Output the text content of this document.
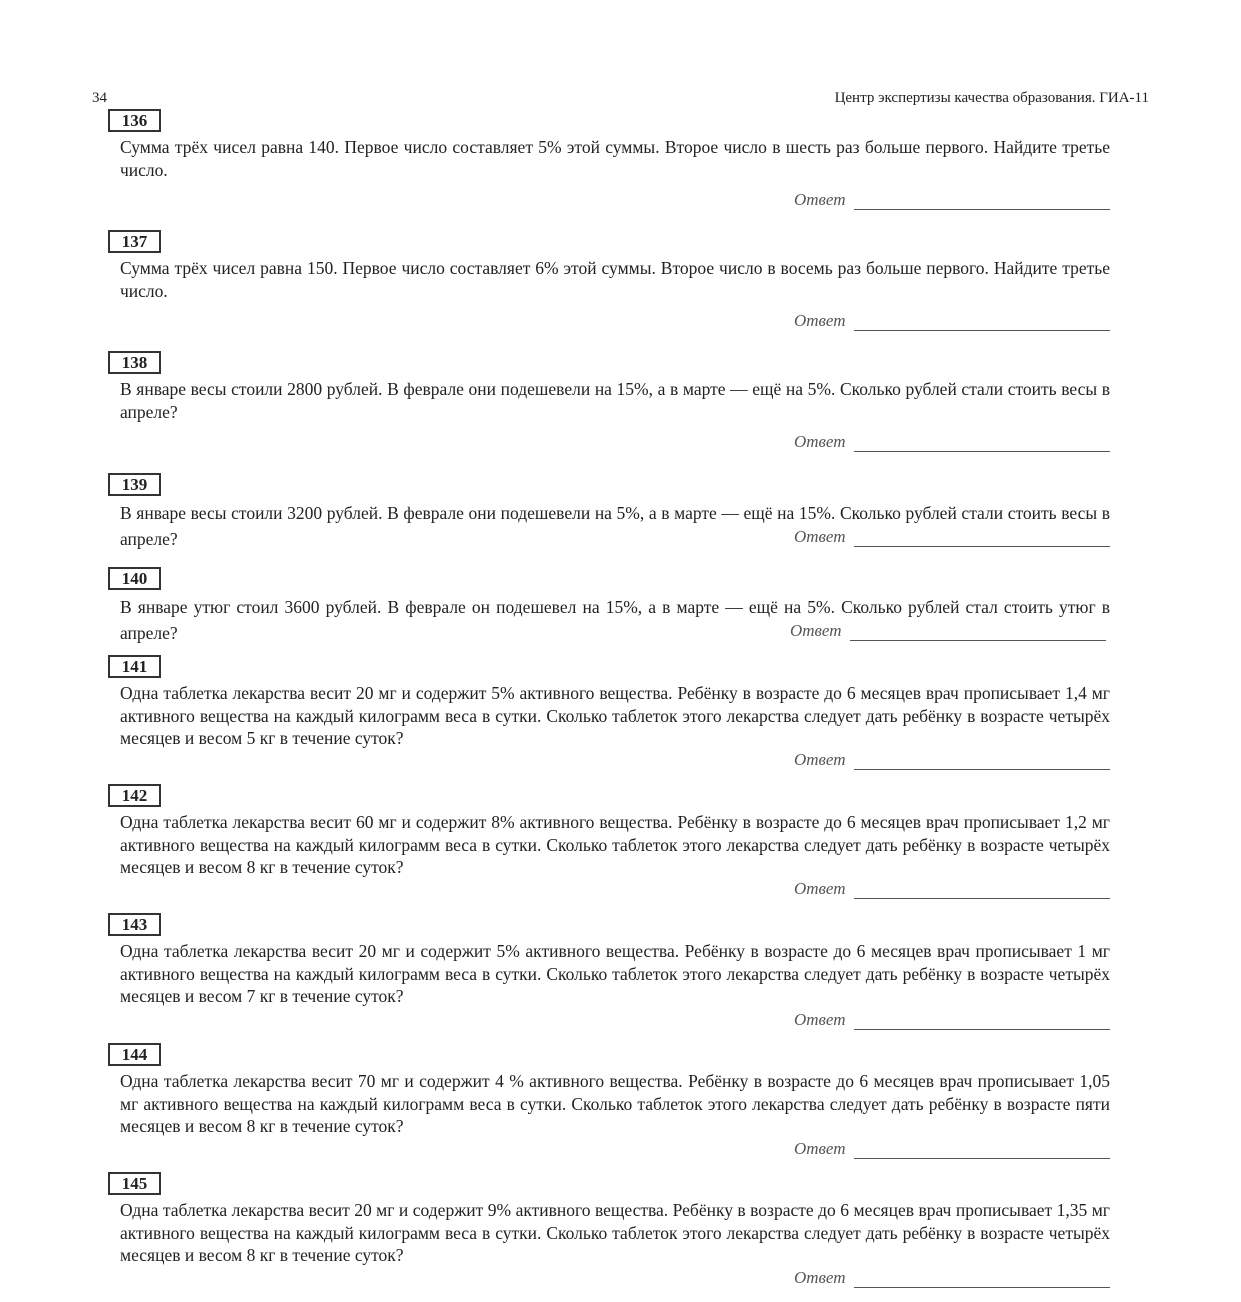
34	Центр экспертизы качества образования. ГИА-11
136
Сумма трёх чисел равна 140. Первое число составляет 5% этой суммы. Второе число в шесть раз больше первого. Найдите третье число.
Ответ
137
Сумма трёх чисел равна 150. Первое число составляет 6% этой суммы. Второе число в восемь раз больше первого. Найдите третье число.
Ответ
138
В январе весы стоили 2800 рублей. В феврале они подешевели на 15%, а в марте — ещё на 5%. Сколько рублей стали стоить весы в апреле?
Ответ
139
В январе весы стоили 3200 рублей. В феврале они подешевели на 5%, а в марте — ещё на 15%. Сколько рублей стали стоить весы в апреле?	Ответ
140
В январе утюг стоил 3600 рублей. В феврале он подешевел на 15%, а в марте — ещё на 5%. Сколько рублей стал стоить утюг в апреле?	Ответ
141
Одна таблетка лекарства весит 20 мг и содержит 5% активного вещества. Ребёнку в возрасте до 6 месяцев врач прописывает 1,4 мг активного вещества на каждый килограмм веса в сутки. Сколько таблеток этого лекарства следует дать ребёнку в возрасте четырёх месяцев и весом 5 кг в течение суток?
Ответ
142
Одна таблетка лекарства весит 60 мг и содержит 8% активного вещества. Ребёнку в возрасте до 6 месяцев врач прописывает 1,2 мг активного вещества на каждый килограмм веса в сутки. Сколько таблеток этого лекарства следует дать ребёнку в возрасте четырёх месяцев и весом 8 кг в течение суток?
Ответ
143
Одна таблетка лекарства весит 20 мг и содержит 5% активного вещества. Ребёнку в возрасте до 6 месяцев врач прописывает 1 мг активного вещества на каждый килограмм веса в сутки. Сколько таблеток этого лекарства следует дать ребёнку в возрасте четырёх месяцев и весом 7 кг в течение суток?
Ответ
144
Одна таблетка лекарства весит 70 мг и содержит 4 % активного вещества. Ребёнку в возрасте до 6 месяцев врач прописывает 1,05 мг активного вещества на каждый килограмм веса в сутки. Сколько таблеток этого лекарства следует дать ребёнку в возрасте пяти месяцев и весом 8 кг в течение суток?
Ответ
145
Одна таблетка лекарства весит 20 мг и содержит 9% активного вещества. Ребёнку в возрасте до 6 месяцев врач прописывает 1,35 мг активного вещества на каждый килограмм веса в сутки. Сколько таблеток этого лекарства следует дать ребёнку в возрасте четырёх месяцев и весом 8 кг в течение суток?
Ответ
